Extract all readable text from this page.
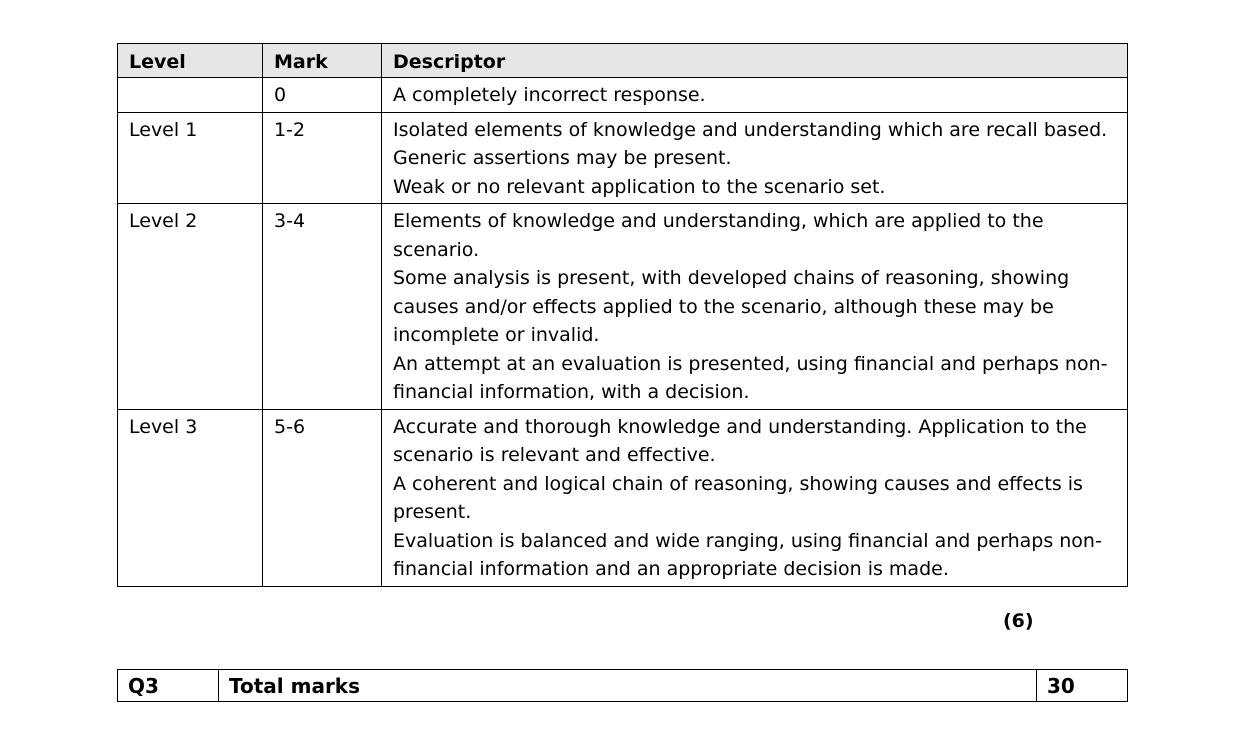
Level	Mark	Descriptor
	0	A completely incorrect response.

Level 1	1-2	Isolated elements of knowledge and understanding which are recall based.
Generic assertions may be present.
Weak or no relevant application to the scenario set.

Level 2	3-4	Elements of knowledge and understanding, which are applied to the scenario.
Some analysis is present, with developed chains of reasoning, showing causes and/or effects applied to the scenario, although these may be incomplete or invalid.
An attempt at an evaluation is presented, using financial and perhaps non-financial information, with a decision.

Level 3	5-6	Accurate and thorough knowledge and understanding. Application to the scenario is relevant and effective.
A coherent and logical chain of reasoning, showing causes and effects is present.
Evaluation is balanced and wide ranging, using financial and perhaps non-financial information and an appropriate decision is made.
(6)
Q3	Total marks	30
